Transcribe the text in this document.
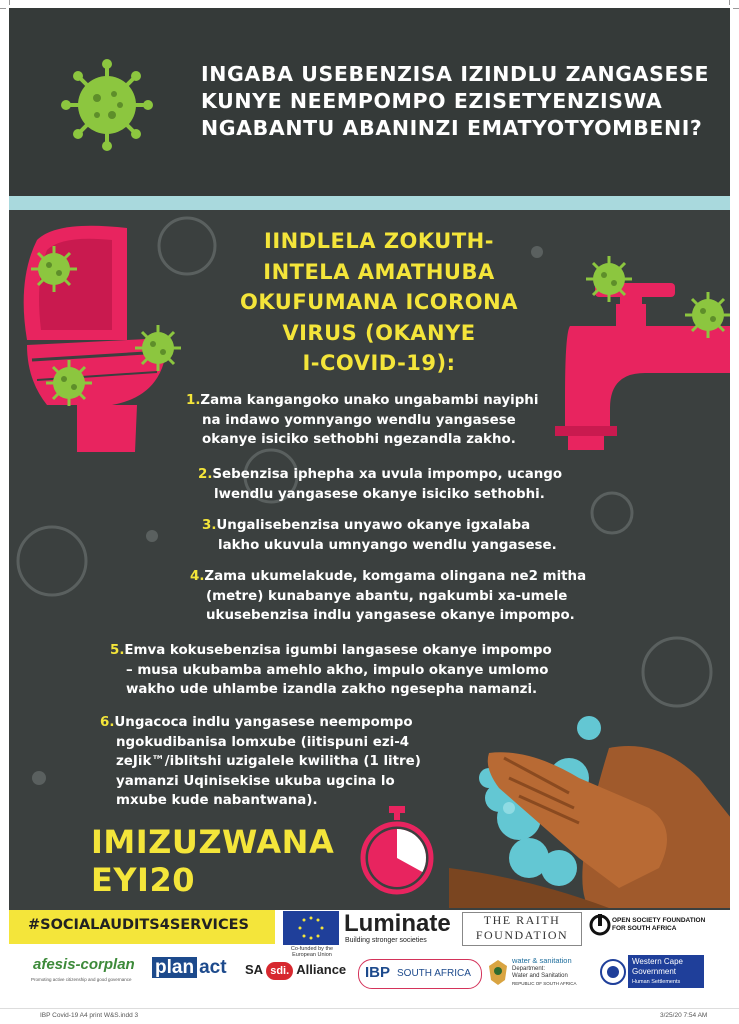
INGABA USEBENZISA IZINDLU ZANGASESE KUNYE NEEMPOMPO EZISETYENZISWA NGABANTU ABANINZI EMATYOTYOMBENI?
IINDLELA ZOKUTH-
INTELA AMATHUBA
OKUFUMANA ICORONA
VIRUS (OKANYE
I-COVID-19):
1.Zama kangangoko unako ungabambi nayiphi
na indawo yomnyango wendlu yangasese
okanye isiciko sethobhi ngezandla zakho.
2.Sebenzisa iphepha xa uvula impompo, ucango
lwendlu yangasese okanye isiciko sethobhi.
3.Ungalisebenzisa unyawo okanye igxalaba
lakho ukuvula umnyango wendlu yangasese.
4.Zama ukumelakude, komgama olingana ne2 mitha
(metre) kunabanye abantu, ngakumbi xa-umele
ukusebenzisa indlu yangasese okanye impompo.
5.Emva kokusebenzisa igumbi langasese okanye impompo
– musa ukubamba amehlo akho, impulo okanye umlomo
wakho ude uhlambe izandla zakho ngesepha namanzi.
6.Ungacoca indlu yangasese neempompo
ngokudibanisa lomxube (iitispuni ezi-4
zeJik™/iblitshi uzigalele kwilitha (1 litre)
yamanzi Uqinisekise ukuba ugcina lo
mxube kude nabantwana).
IMIZUZWANA
EYI20
#SOCIALAUDITS4SERVICES
Co-funded by the
European Union
Luminate
Building stronger societies
THE RAITH
FOUNDATION
OPEN SOCIETY FOUNDATION
FOR SOUTH AFRICA
afesis-corplan
Promoting active citizenship and good governance
plan act SA sdi. Alliance IBP SOUTH AFRICA
water & sanitation
Department:
Water and Sanitation
REPUBLIC OF SOUTH AFRICA
Western Cape
Government
Human Settlements
IBP Covid-19 A4 print W&S.indd 3	3/25/20 7:54 AM
